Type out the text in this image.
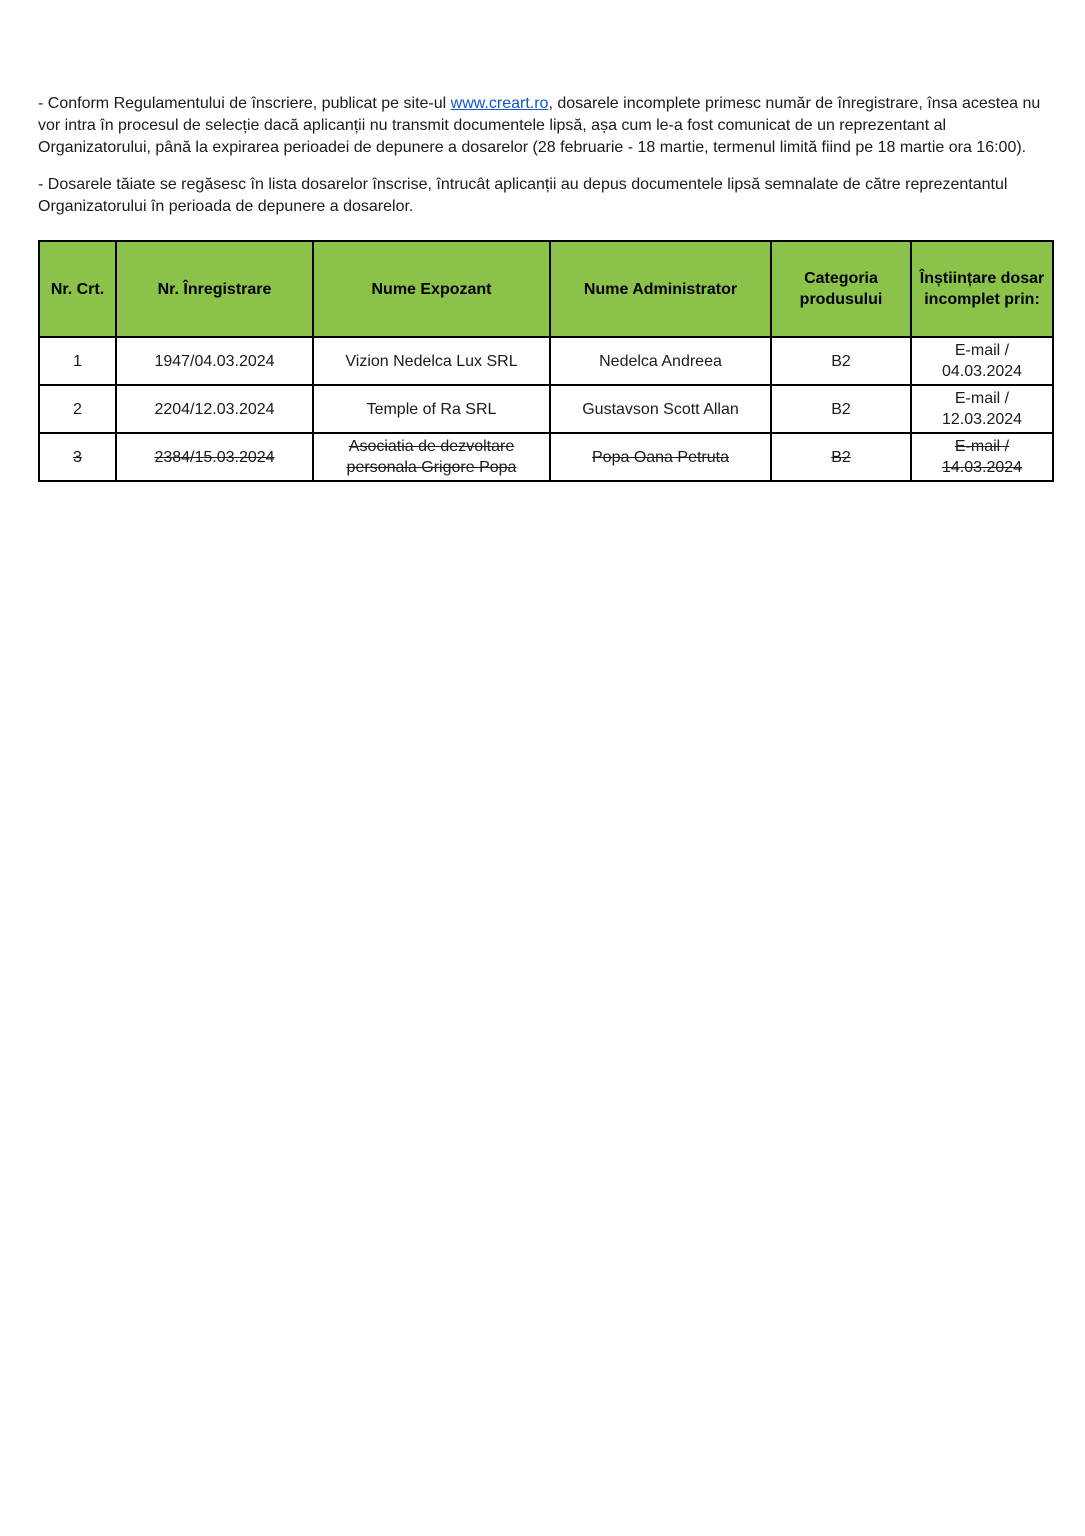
- Conform Regulamentului de înscriere, publicat pe site-ul www.creart.ro, dosarele incomplete primesc număr de înregistrare, însa acestea nu vor intra în procesul de selecție dacă aplicanții nu transmit documentele lipsă, așa cum le-a fost comunicat de un reprezentant al Organizatorului, până la expirarea perioadei de depunere a dosarelor (28 februarie - 18 martie, termenul limită fiind pe 18 martie ora 16:00).

- Dosarele tăiate se regăsesc în lista dosarelor înscrise, întrucât aplicanții au depus documentele lipsă semnalate de către reprezentantul Organizatorului în perioada de depunere a dosarelor.

Nr. Crt.	Nr. Înregistrare	Nume Expozant	Nume Administrator	Categoria produsului	Înștiințare dosar incomplet prin:
1	1947/04.03.2024	Vizion Nedelca Lux SRL	Nedelca Andreea	B2	E-mail / 04.03.2024
2	2204/12.03.2024	Temple of Ra SRL	Gustavson Scott Allan	B2	E-mail / 12.03.2024
3	2384/15.03.2024	Asociatia de dezvoltare personala Grigore Popa	Popa Oana Petruta	B2	E-mail / 14.03.2024
